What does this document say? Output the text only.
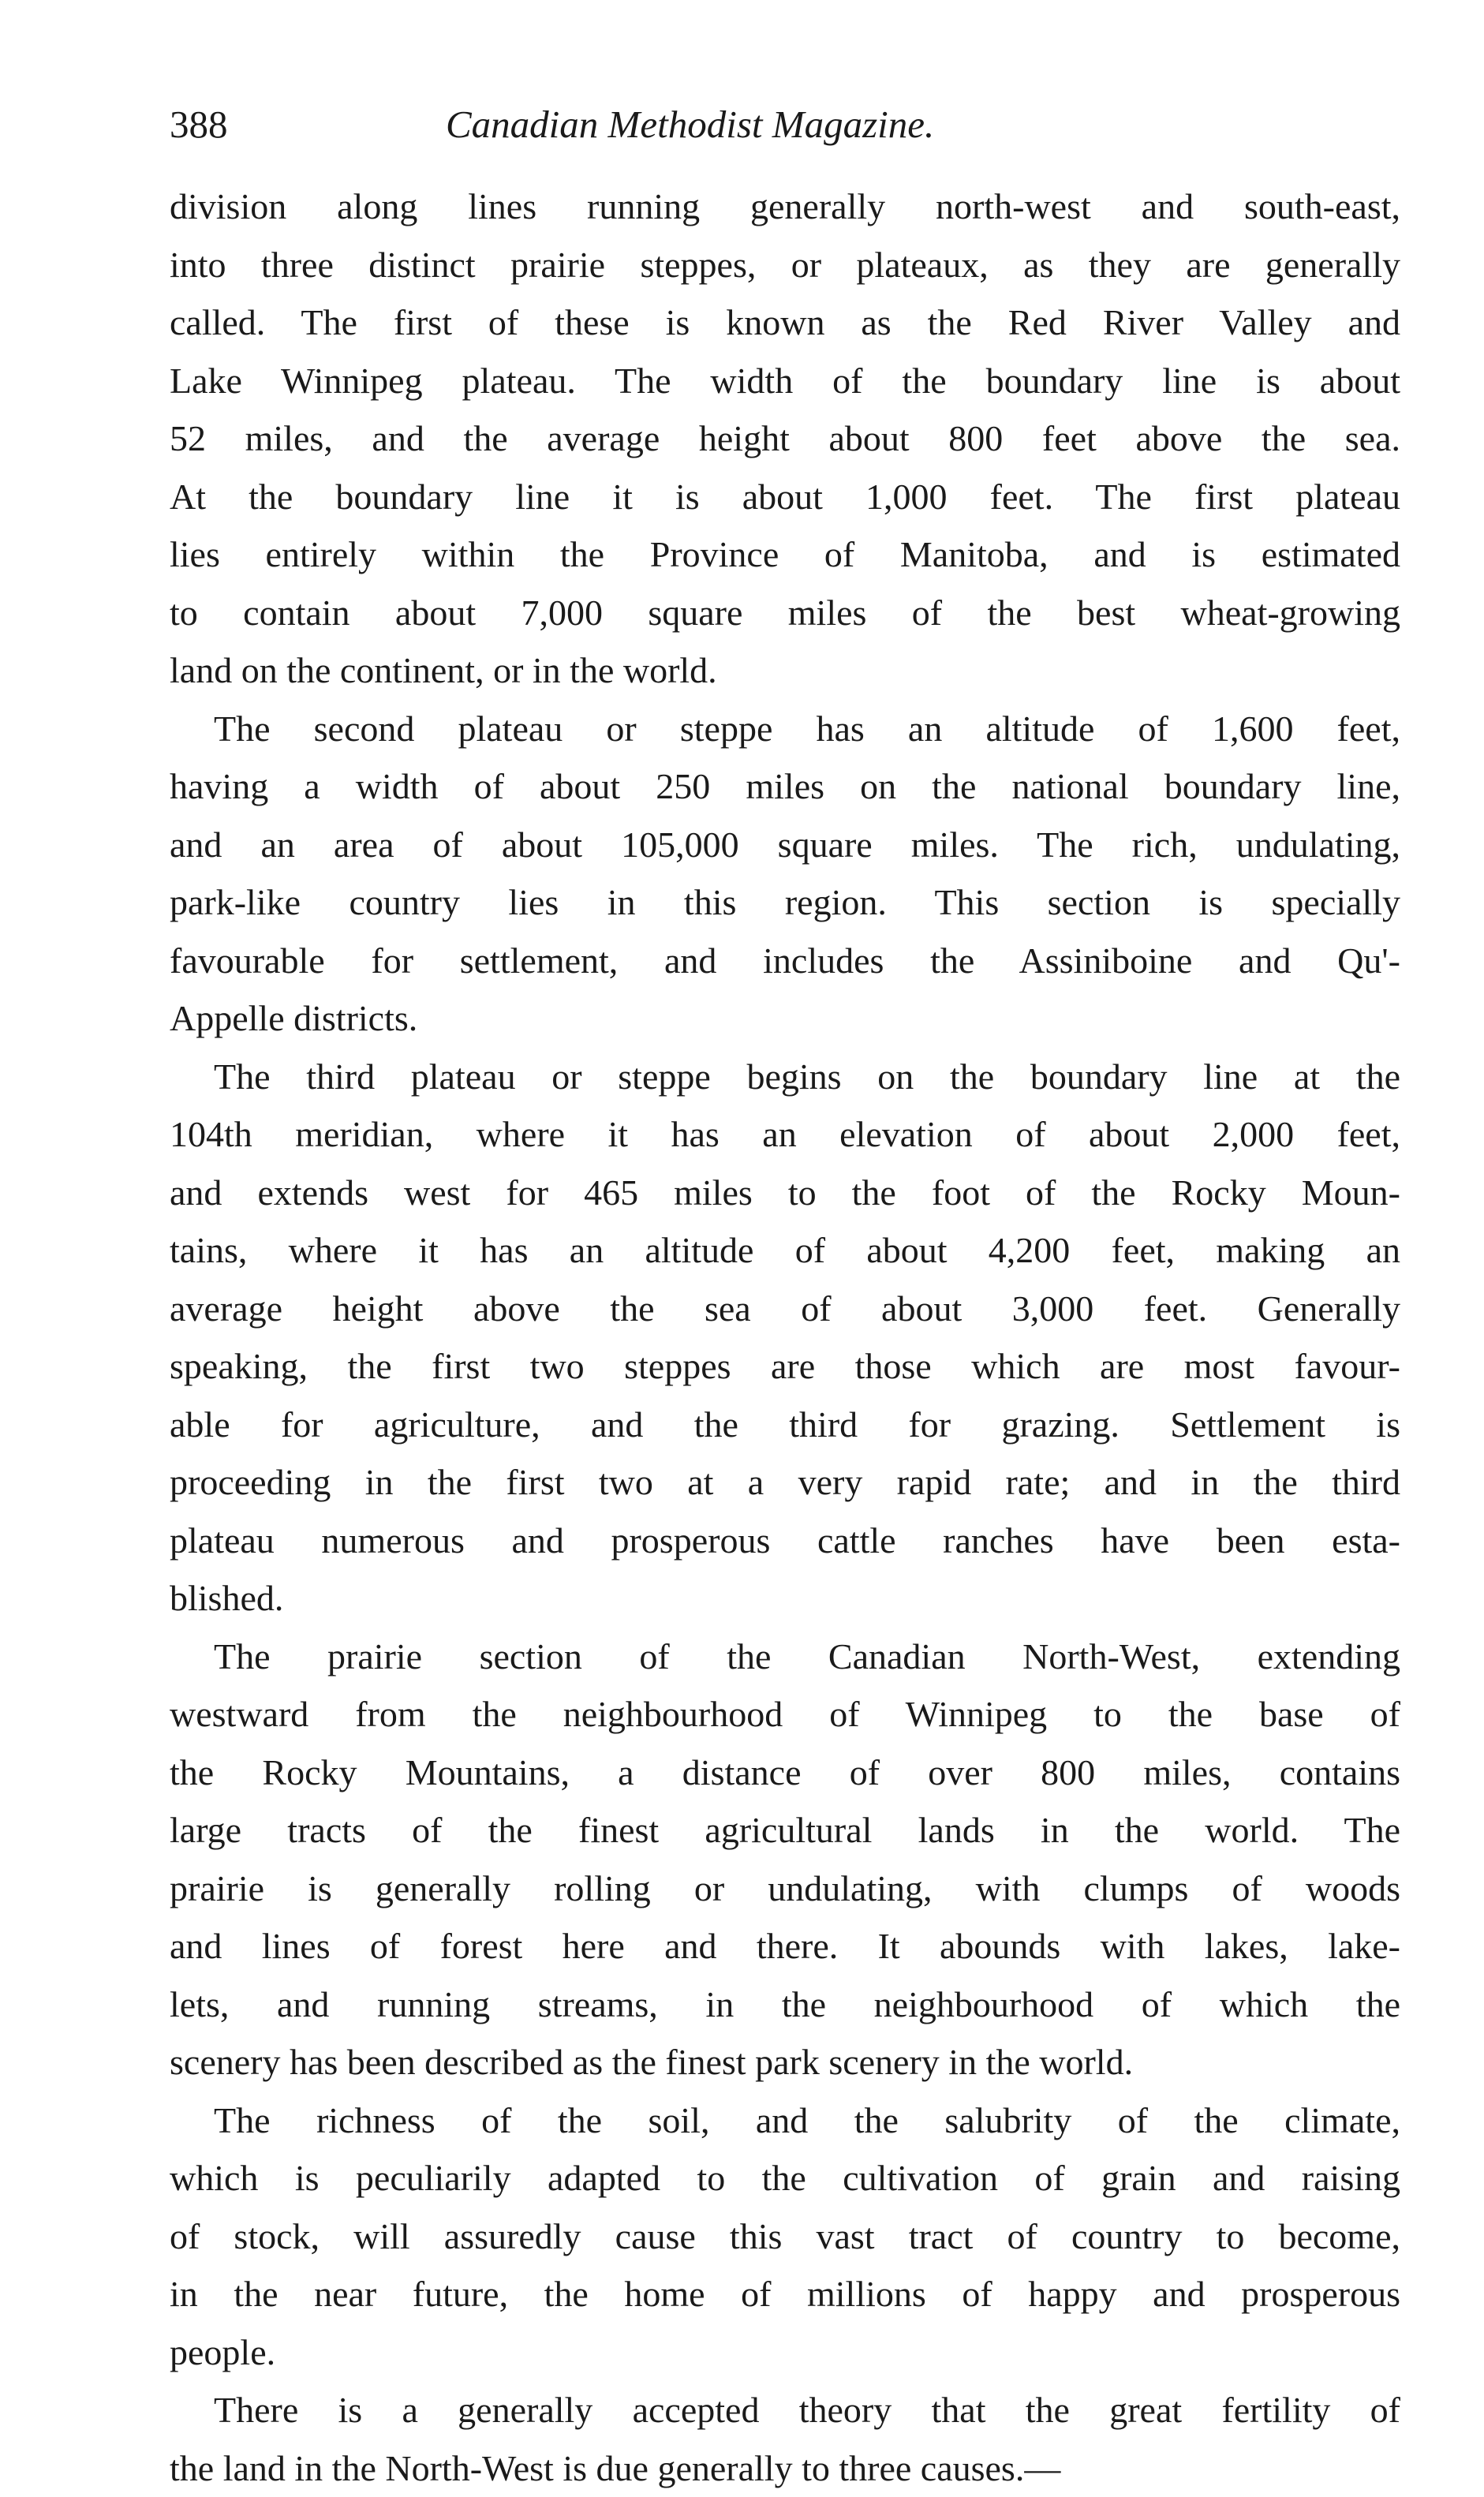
388	Canadian Methodist Magazine.
division along lines running generally north-west and south-east,
into three distinct prairie steppes, or plateaux, as they are generally
called. The first of these is known as the Red River Valley and
Lake Winnipeg plateau. The width of the boundary line is about
52 miles, and the average height about 800 feet above the sea.
At the boundary line it is about 1,000 feet. The first plateau
lies entirely within the Province of Manitoba, and is estimated
to contain about 7,000 square miles of the best wheat-growing
land on the continent, or in the world.
The second plateau or steppe has an altitude of 1,600 feet,
having a width of about 250 miles on the national boundary line,
and an area of about 105,000 square miles. The rich, undulating,
park-like country lies in this region. This section is specially
favourable for settlement, and includes the Assiniboine and Qu'-
Appelle districts.
The third plateau or steppe begins on the boundary line at the
104th meridian, where it has an elevation of about 2,000 feet,
and extends west for 465 miles to the foot of the Rocky Moun-
tains, where it has an altitude of about 4,200 feet, making an
average height above the sea of about 3,000 feet. Generally
speaking, the first two steppes are those which are most favour-
able for agriculture, and the third for grazing. Settlement is
proceeding in the first two at a very rapid rate; and in the third
plateau numerous and prosperous cattle ranches have been esta-
blished.
The prairie section of the Canadian North-West, extending
westward from the neighbourhood of Winnipeg to the base of
the Rocky Mountains, a distance of over 800 miles, contains
large tracts of the finest agricultural lands in the world. The
prairie is generally rolling or undulating, with clumps of woods
and lines of forest here and there. It abounds with lakes, lake-
lets, and running streams, in the neighbourhood of which the
scenery has been described as the finest park scenery in the world.
The richness of the soil, and the salubrity of the climate,
which is peculiarily adapted to the cultivation of grain and raising
of stock, will assuredly cause this vast tract of country to become,
in the near future, the home of millions of happy and prosperous
people.
There is a generally accepted theory that the great fertility of
the land in the North-West is due generally to three causes.—
